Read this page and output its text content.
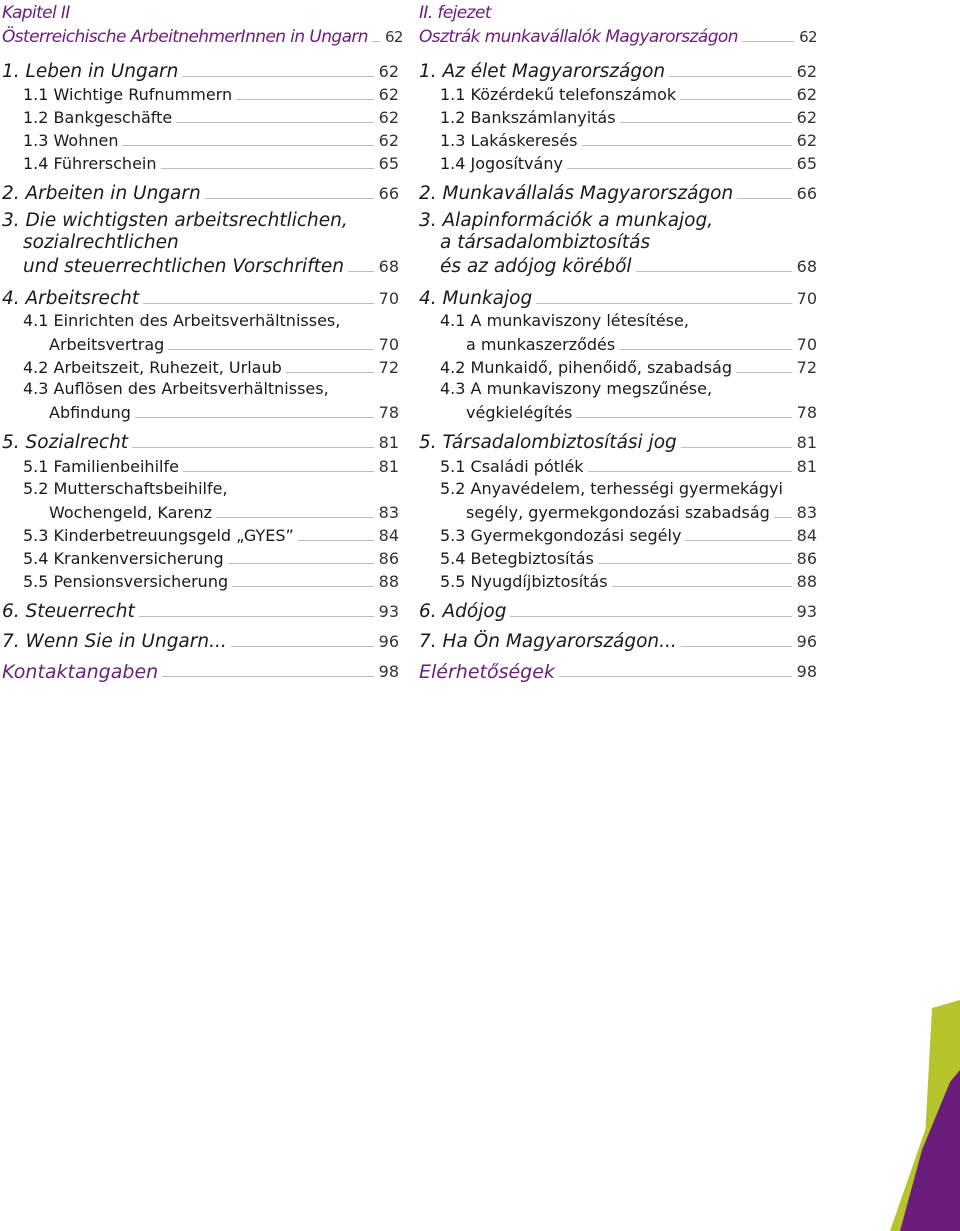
Kapitel II
Österreichische ArbeitnehmerInnen in Ungarn 62
1. Leben in Ungarn	62
1.1 Wichtige Rufnummern	62
1.2 Bankgeschäfte	62
1.3 Wohnen	62
1.4 Führerschein	65
2. Arbeiten in Ungarn	66
3. Die wichtigsten arbeitsrechtlichen,
sozialrechtlichen
und steuerrechtlichen Vorschriften 68
4. Arbeitsrecht	70
4.1 Einrichten des Arbeitsverhältnisses,
Arbeitsvertrag	70
4.2 Arbeitszeit, Ruhezeit, Urlaub	72
4.3 Auflösen des Arbeitsverhältnisses,
Abfindung	78
5. Sozialrecht	81
5.1 Familienbeihilfe	81
5.2 Mutterschaftsbeihilfe,
Wochengeld, Karenz	83
5.3 Kinderbetreuungsgeld „GYES”	84
5.4 Krankenversicherung	86
5.5 Pensionsversicherung	88
6. Steuerrecht	93
7. Wenn Sie in Ungarn...	96
Kontaktangaben	98
II. fejezet
Osztrák munkavállalók Magyarországon	62
1. Az élet Magyarországon	62
1.1 Közérdekű telefonszámok	62
1.2 Bankszámlanyitás	62
1.3 Lakáskeresés	62
1.4 Jogosítvány	65
2. Munkavállalás Magyarországon	66
3. Alapinformációk a munkajog,
a társadalombiztosítás
és az adójog köréből	68
4. Munkajog	70
4.1 A munkaviszony létesítése,
a munkaszerződés	70
4.2 Munkaidő, pihenőidő, szabadság	72
4.3 A munkaviszony megszűnése,
végkielégítés	78
5. Társadalombiztosítási jog	81
5.1 Családi pótlék	81
5.2 Anyavédelem, terhességi gyermekágyi
segély, gyermekgondozási szabadság 83
5.3 Gyermekgondozási segély	84
5.4 Betegbiztosítás	86
5.5 Nyugdíjbiztosítás	88
6. Adójog	93
7. Ha Ön Magyarországon...	96
Elérhetőségek	98
